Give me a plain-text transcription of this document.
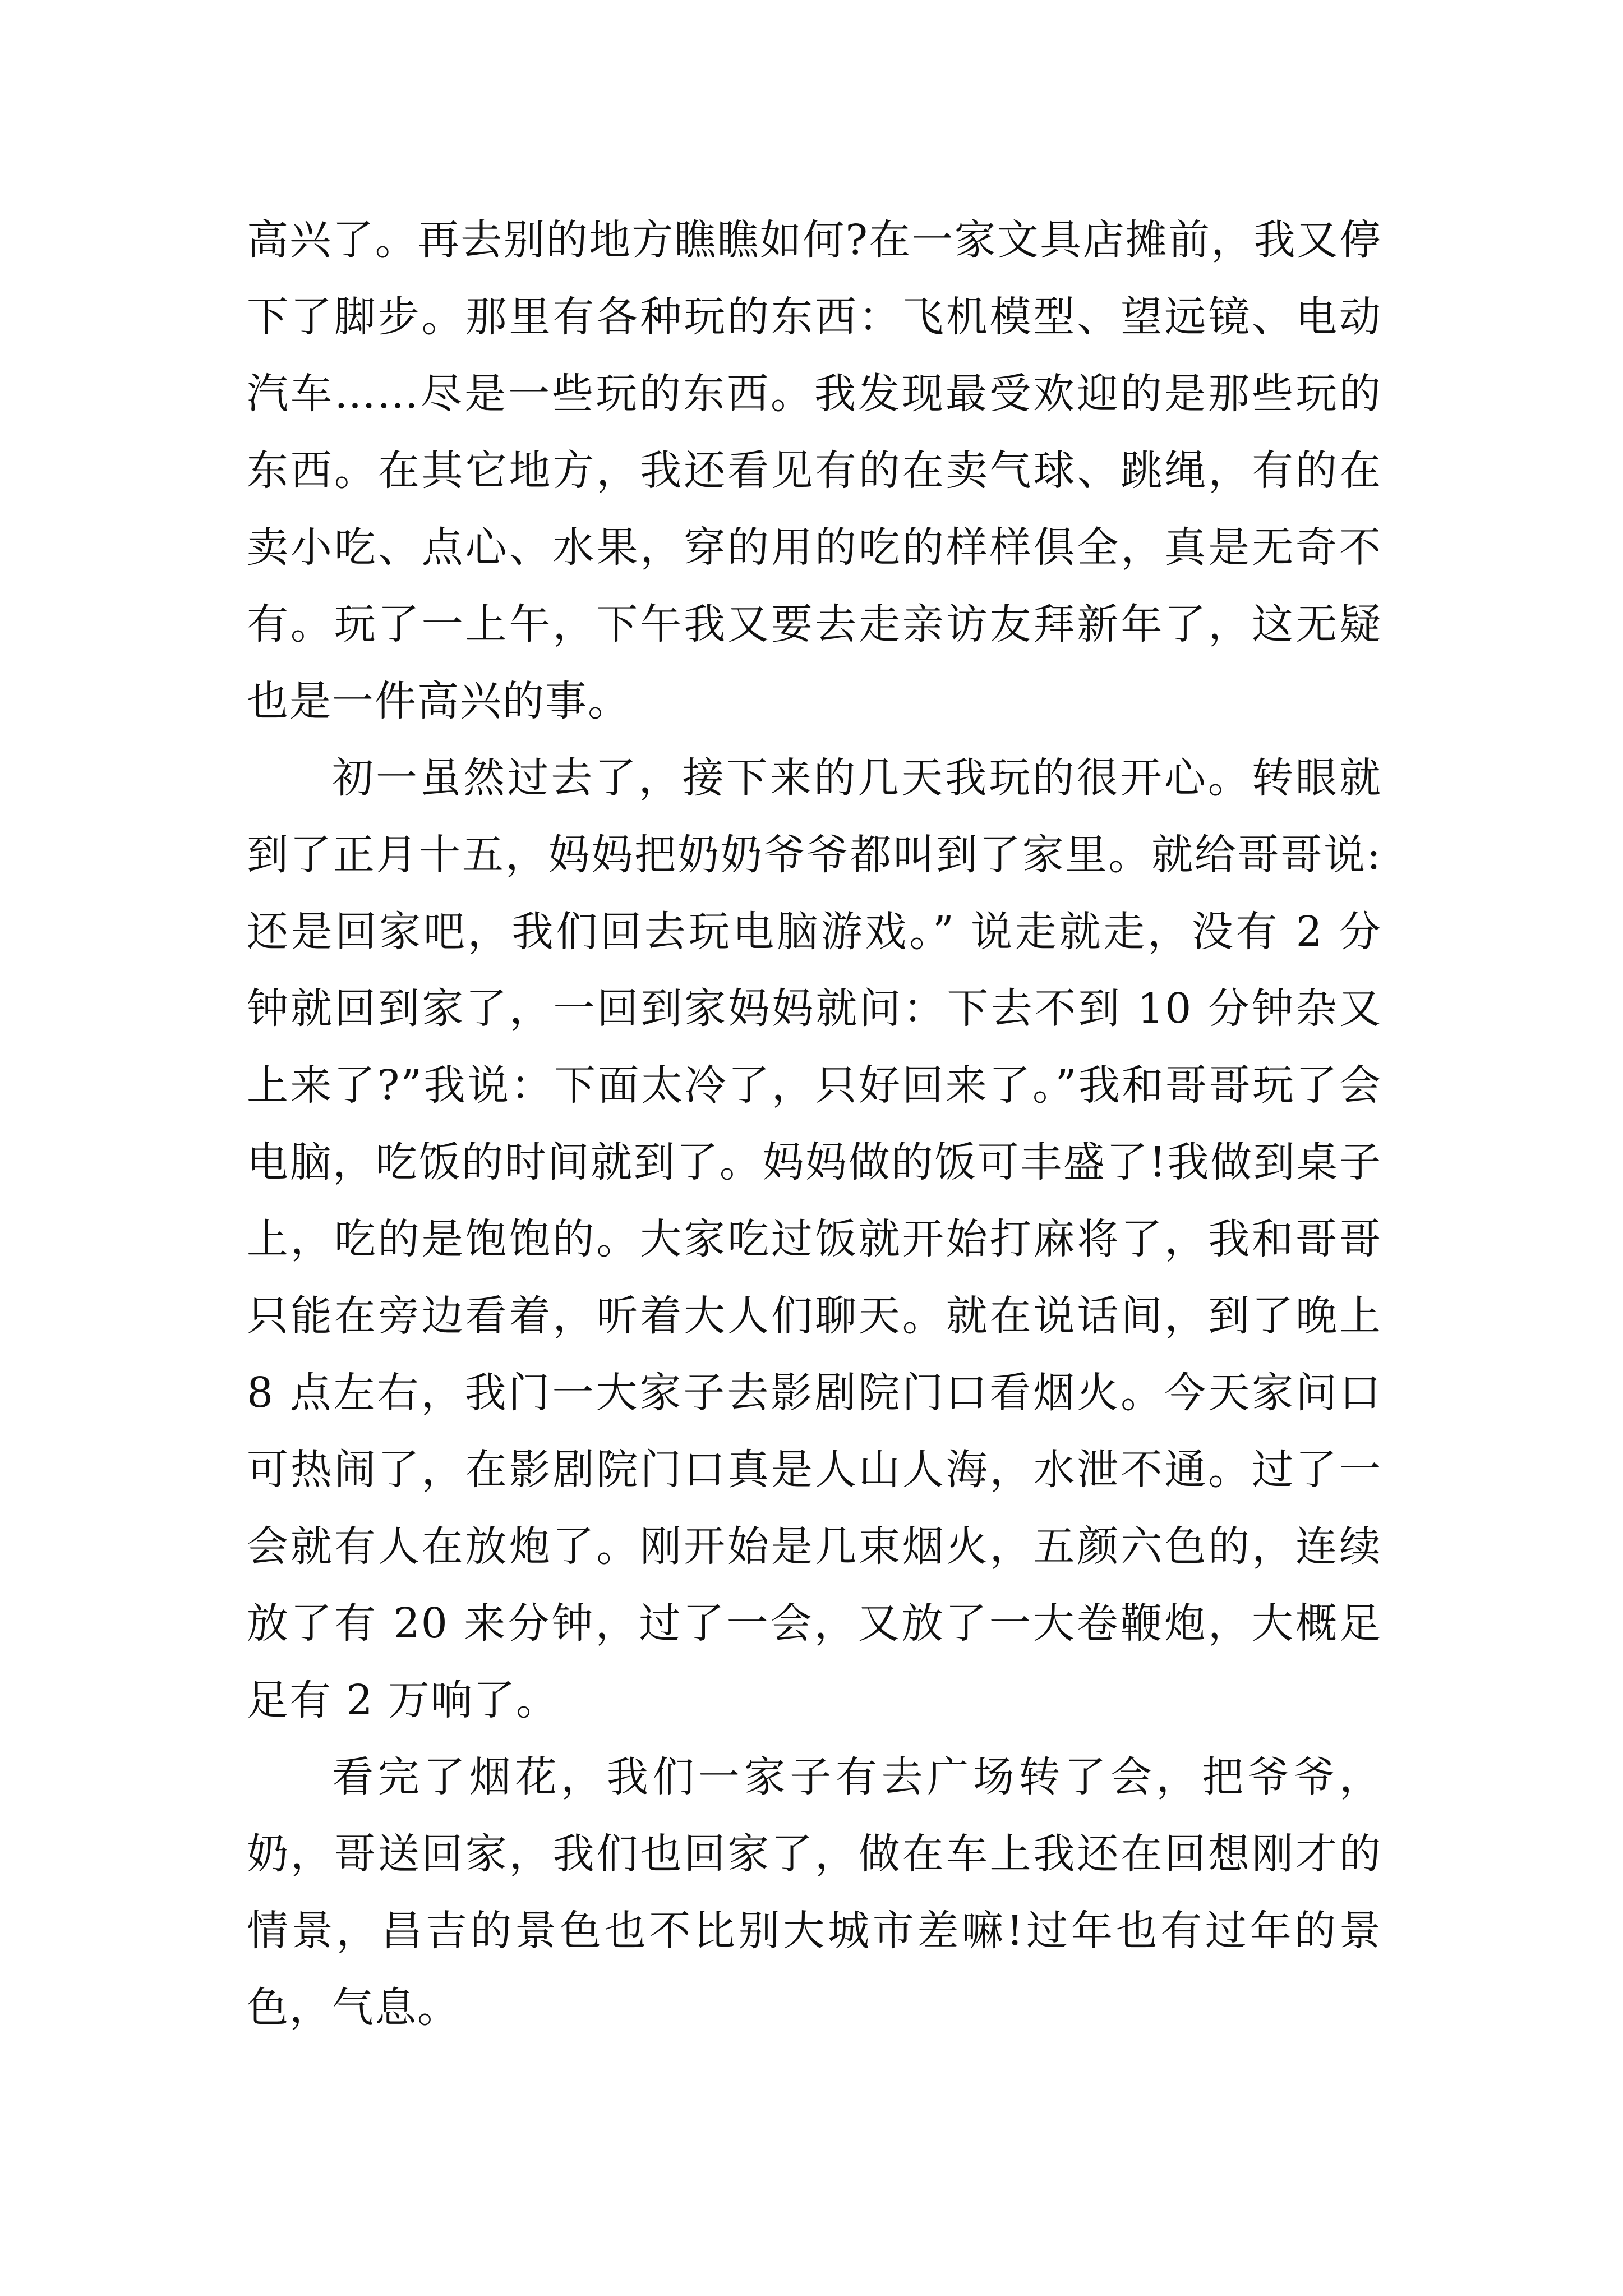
高兴了。再去别的地方瞧瞧如何?在一家文具店摊前，我又停下了脚步。那里有各种玩的东西：飞机模型、望远镜、电动汽车……尽是一些玩的东西。我发现最受欢迎的是那些玩的东西。在其它地方，我还看见有的在卖气球、跳绳，有的在卖小吃、点心、水果，穿的用的吃的样样俱全，真是无奇不有。玩了一上午，下午我又要去走亲访友拜新年了，这无疑也是一件高兴的事。

初一虽然过去了，接下来的几天我玩的很开心。转眼就到了正月十五，妈妈把奶奶爷爷都叫到了家里。就给哥哥说:还是回家吧，我们回去玩电脑游戏。” 说走就走，没有 2 分钟就回到家了，一回到家妈妈就问：下去不到 10 分钟杂又上来了?”我说：下面太冷了，只好回来了。”我和哥哥玩了会电脑，吃饭的时间就到了。妈妈做的饭可丰盛了!我做到桌子上，吃的是饱饱的。大家吃过饭就开始打麻将了，我和哥哥只能在旁边看着，听着大人们聊天。就在说话间，到了晚上 8 点左右，我门一大家子去影剧院门口看烟火。今天家问口可热闹了，在影剧院门口真是人山人海，水泄不通。过了一会就有人在放炮了。刚开始是几束烟火，五颜六色的，连续放了有 20 来分钟，过了一会，又放了一大卷鞭炮，大概足足有 2 万响了。

看完了烟花，我们一家子有去广场转了会，把爷爷，奶，哥送回家，我们也回家了，做在车上我还在回想刚才的情景，昌吉的景色也不比别大城市差嘛!过年也有过年的景色，气息。
